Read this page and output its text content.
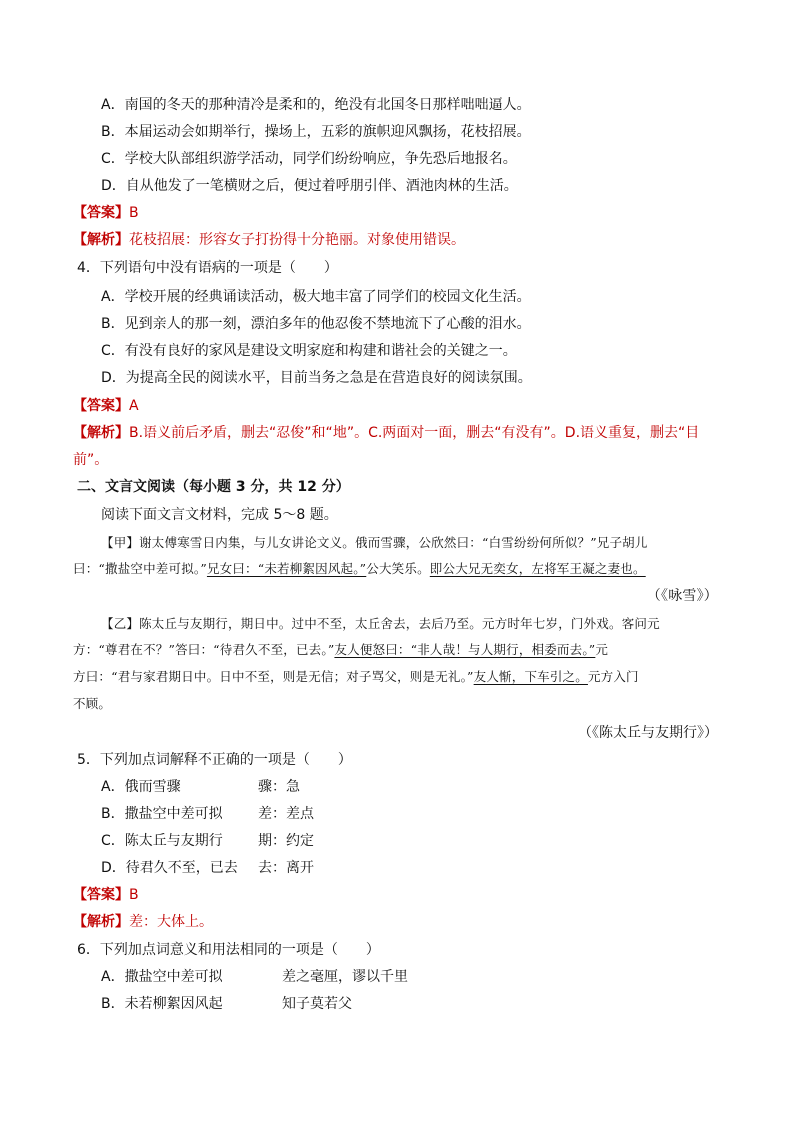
A．南国的冬天的那种清冷是柔和的，绝没有北国冬日那样咄咄逼人。
B．本届运动会如期举行，操场上，五彩的旗帜迎风飘扬，花枝招展。
C．学校大队部组织游学活动，同学们纷纷响应，争先恐后地报名。
D．自从他发了一笔横财之后，便过着呼朋引伴、酒池肉林的生活。
【答案】B
【解析】花枝招展：形容女子打扮得十分艳丽。对象使用错误。
4．下列语句中没有语病的一项是（　　）
A．学校开展的经典诵读活动，极大地丰富了同学们的校园文化生活。
B．见到亲人的那一刻，漂泊多年的他忍俊不禁地流下了心酸的泪水。
C．有没有良好的家风是建设文明家庭和构建和谐社会的关键之一。
D．为提高全民的阅读水平，目前当务之急是在营造良好的阅读氛围。
【答案】A
【解析】B.语义前后矛盾，删去“忍俊”和“地”。C.两面对一面，删去“有没有”。D.语义重复，删去“目
前”。
二、文言文阅读（每小题 3 分，共 12 分）
阅读下面文言文材料，完成 5～8 题。
【甲】谢太傅寒雪日内集，与儿女讲论文义。俄而雪骤，公欣然曰：“白雪纷纷何所似？”兄子胡儿
曰：“撒盐空中差可拟。”兄女曰：“未若柳絮因风起。”公大笑乐。即公大兄无奕女，左将军王凝之妻也。
（《咏雪》）
【乙】陈太丘与友期行，期日中。过中不至，太丘舍去，去后乃至。元方时年七岁，门外戏。客问元
方：“尊君在不？”答曰：“待君久不至，已去。”友人便怒曰：“非人哉！与人期行，相委而去。”元
方曰：“君与家君期日中。日中不至，则是无信；对子骂父，则是无礼。”友人惭，下车引之。元方入门
不顾。
（《陈太丘与友期行》）
5．下列加点词解释不正确的一项是（　　）
A．俄而雪骤	骤：急
B．撒盐空中差可拟	差：差点
C．陈太丘与友期行	期：约定
D．待君久不至，已去 去：离开
【答案】B
【解析】差：大体上。
6．下列加点词意义和用法相同的一项是（　　）
A．撒盐空中差可拟	差之毫厘，谬以千里
B．未若柳絮因风起	知子莫若父
